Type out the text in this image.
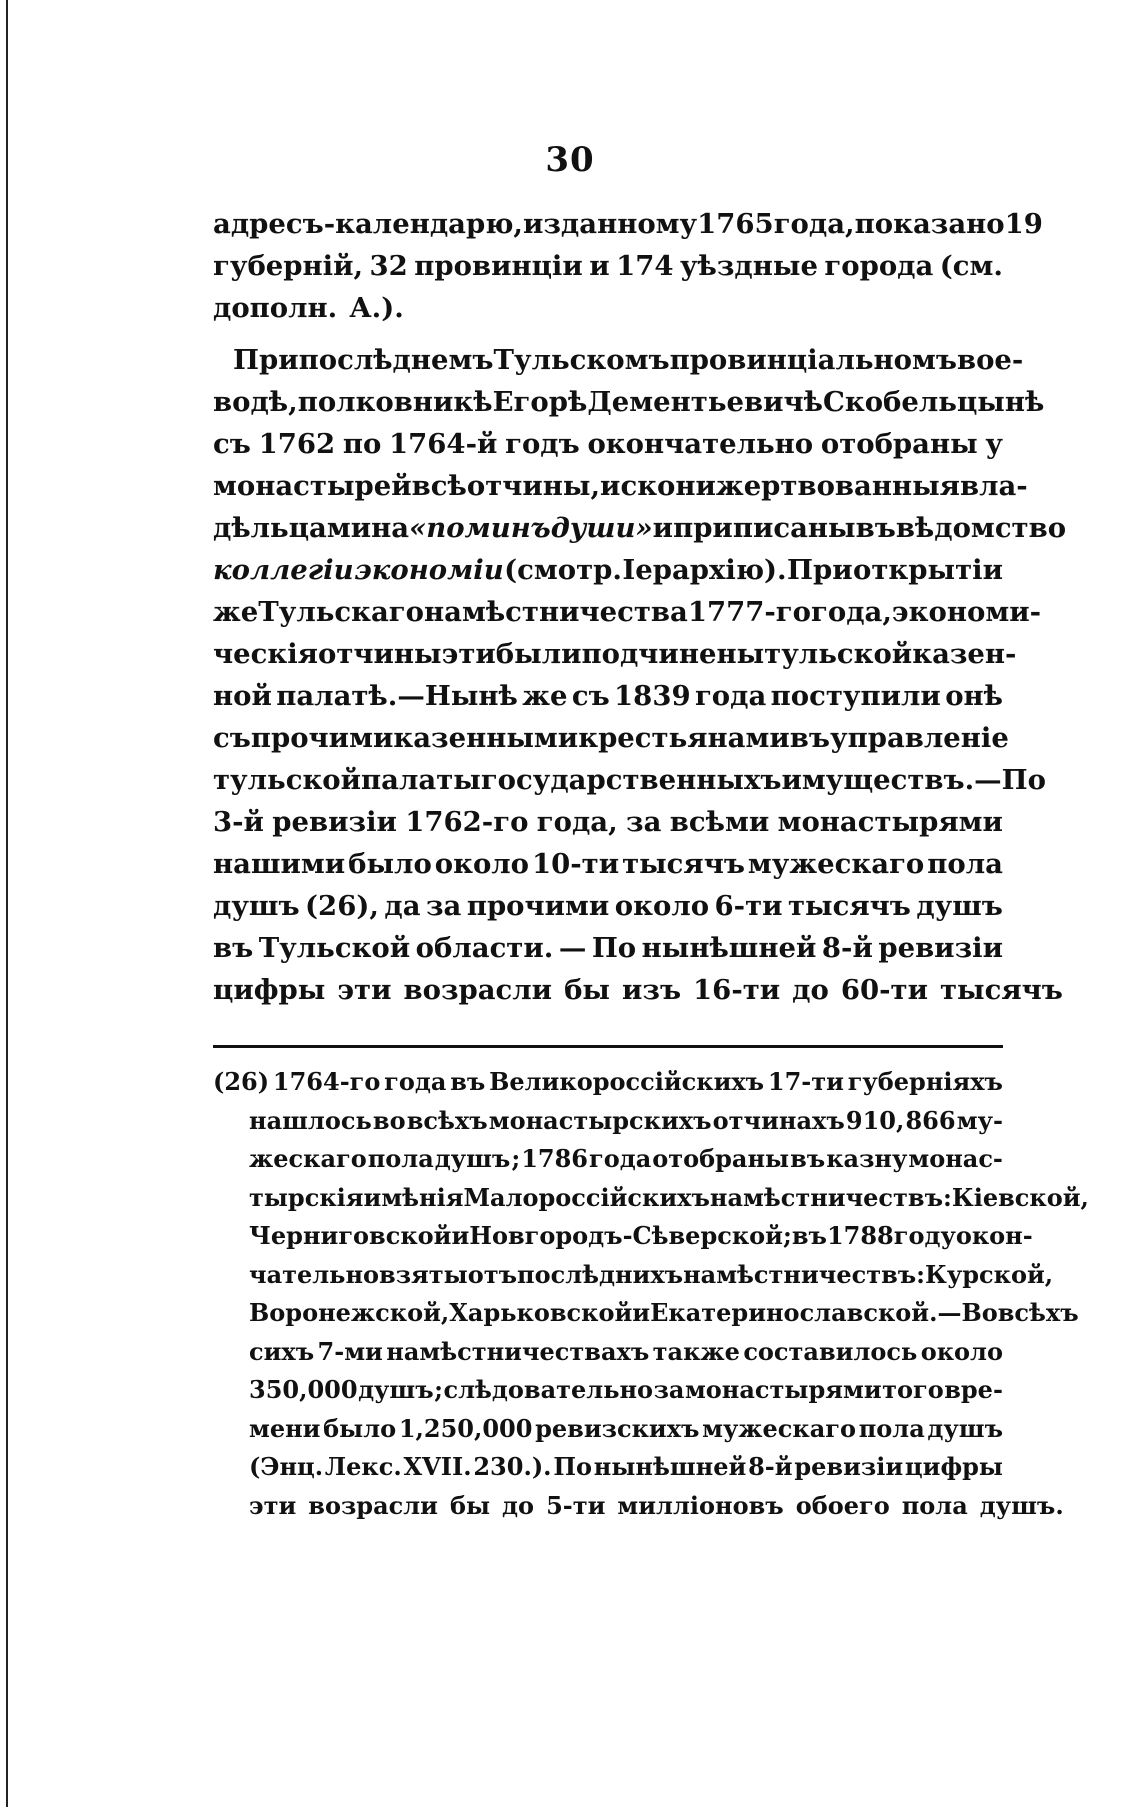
30
адресъ-календарю, изданному 1765 года, показано 19
губерній, 32 провинціи и 174 уѣздные города (см.
дополн. А.).
При послѣднемъ Тульскомъ провинціальномъ вое-
водѣ, полковникѣ Егорѣ Дементьевичѣ Скобельцынѣ
съ 1762 по 1764-й годъ окончательно отобраны у
монастырей всѣ отчины, искони жертвованныя вла-
дѣльцами на «поминъ души» и приписаны въ вѣдомство
коллегіи экономіи (смотр. Іерархію). При открытіи
же Тульскаго намѣстничества 1777-го года, экономи-
ческія отчины эти были подчинены тульской казен-
ной палатѣ.—Нынѣ же съ 1839 года поступили онѣ
съ прочими казенными крестьянами въ управленіе
тульской палаты государственныхъ имуществъ.—По
3-й ревизіи 1762-го года, за всѣми монастырями
нашими было около 10-ти тысячъ мужескаго пола
душъ (26), да за прочими около 6-ти тысячъ душъ
въ Тульской области. — По нынѣшней 8-й ревизіи
цифры эти возрасли бы изъ 16-ти до 60-ти тысячъ
(26) 1764-го года въ Великороссійскихъ 17-ти губерніяхъ
нашлось во всѣхъ монастырскихъ отчинахъ 910, 866 му-
жескаго пола душъ ; 1786 года отобраны въ казну монас-
тырскія имѣнія Малороссійскихъ намѣстничествъ: Кіевской,
Черниговской и Новгородъ-Сѣверской; въ 1788 году окон-
чательно взяты отъ послѣднихъ намѣстничествъ: Курской,
Воронежской, Харьковской и Екатеринославской. —Во всѣхъ
сихъ 7-ми намѣстничествахъ также составилось около
350,000 душъ ; слѣдовательно за монастырями того вре-
мени было 1,250,000 ревизскихъ мужескаго пола душъ
(Энц. Лекс. XVII. 230.). По нынѣшней 8-й ревизіи цифры
эти возрасли бы до 5-ти милліоновъ обоего пола душъ.
